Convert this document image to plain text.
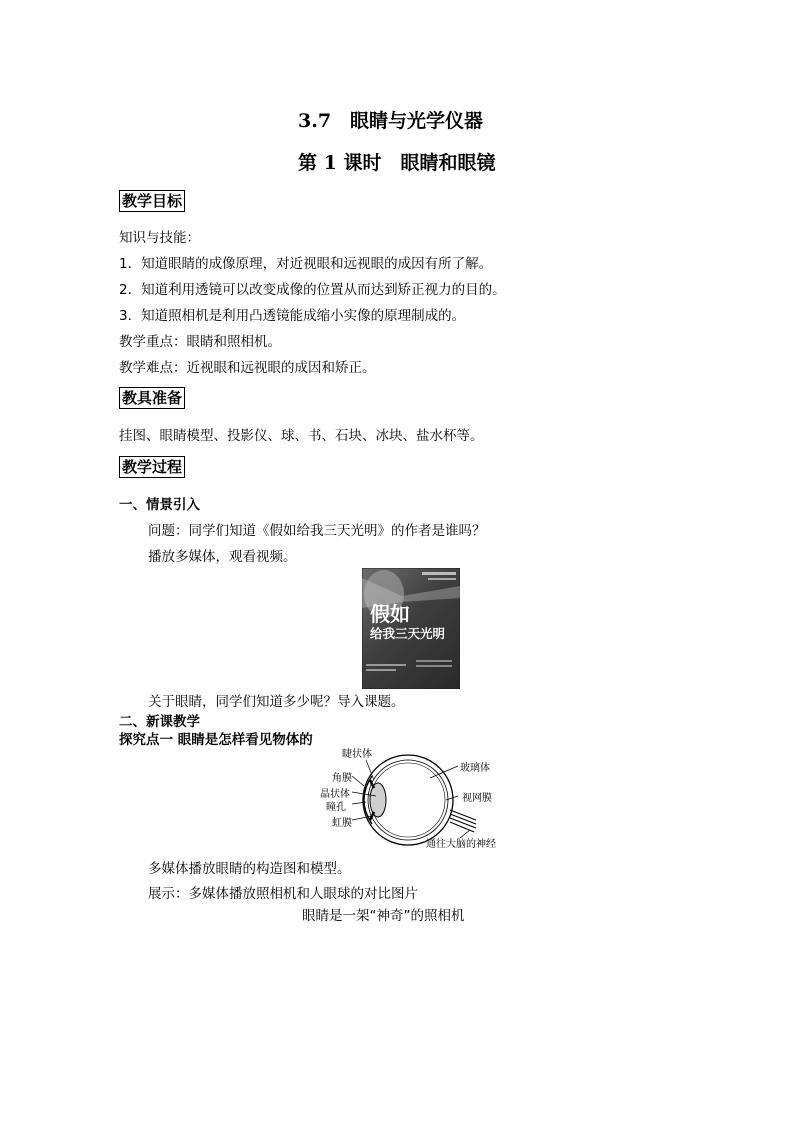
3.7　眼睛与光学仪器
第 1 课时　眼睛和眼镜
教学目标
知识与技能：
1．知道眼睛的成像原理，对近视眼和远视眼的成因有所了解。
2．知道利用透镜可以改变成像的位置从而达到矫正视力的目的。
3．知道照相机是利用凸透镜能成缩小实像的原理制成的。
教学重点：眼睛和照相机。
教学难点：近视眼和远视眼的成因和矫正。
教具准备
挂图、眼睛模型、投影仪、球、书、石块、冰块、盐水杯等。
教学过程
一、情景引入
问题：同学们知道《假如给我三天光明》的作者是谁吗？
播放多媒体，观看视频。
假如
给我三天光明
关于眼睛，同学们知道多少呢？导入课题。
二、新课教学
探究点一 眼睛是怎样看见物体的
睫状体
角膜
晶状体
瞳孔
虹膜
玻璃体
视网膜
通往大脑的神经
多媒体播放眼睛的构造图和模型。
展示：多媒体播放照相机和人眼球的对比图片
眼睛是一架“神奇”的照相机
